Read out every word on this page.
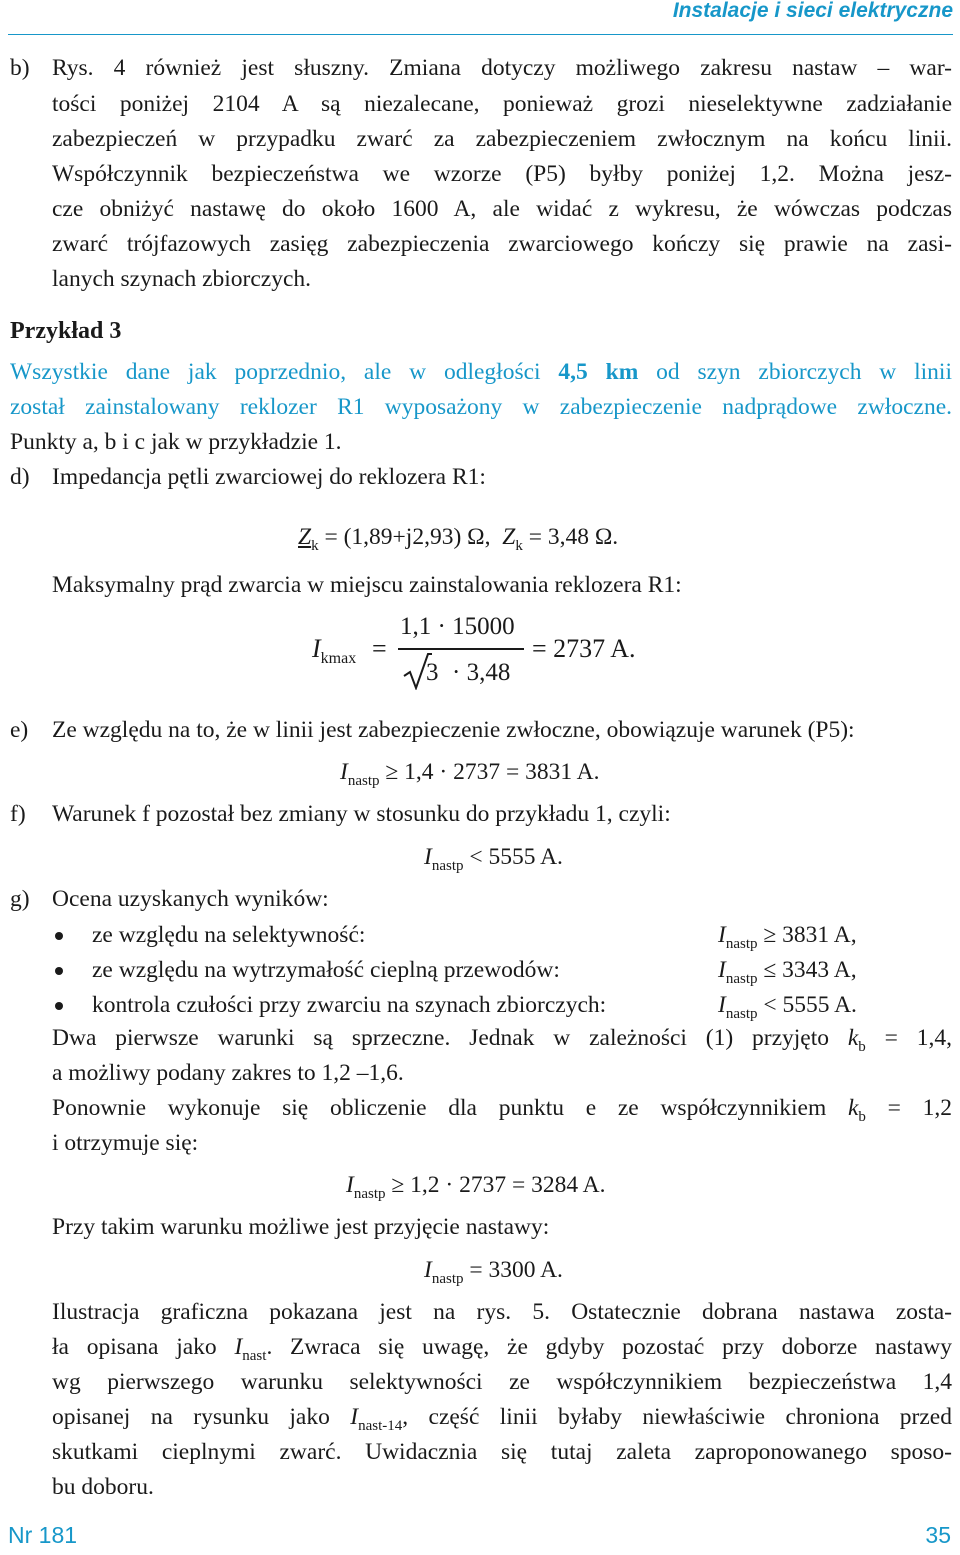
Instalacje i sieci elektryczne
b) Rys. 4 również jest słuszny. Zmiana dotyczy możliwego zakresu nastaw – war-
tości poniżej 2104 A są niezalecane, ponieważ grozi nieselektywne zadziałanie
zabezpieczeń w przypadku zwarć za zabezpieczeniem zwłocznym na końcu linii.
Współczynnik bezpieczeństwa we wzorze (P5) byłby poniżej 1,2. Można jesz-
cze obniżyć nastawę do około 1600 A, ale widać z wykresu, że wówczas podczas
zwarć trójfazowych zasięg zabezpieczenia zwarciowego kończy się prawie na zasi-
lanych szynach zbiorczych.
Przykład 3
Wszystkie dane jak poprzednio, ale w odległości 4,5 km od szyn zbiorczych w linii
został zainstalowany reklozer R1 wyposażony w zabezpieczenie nadprądowe zwłoczne.
Punkty a, b i c jak w przykładzie 1.
d) Impedancja pętli zwarciowej do reklozera R1:
$Z_k = (1,89+j2,93)$ Ω, $Z_k = 3,48$ Ω.
Maksymalny prąd zwarcia w miejscu zainstalowania reklozera R1:
$I_{kmax}$ =
1,1 · 15000
3 · 3,48
= 2737 A.
e) Ze względu na to, że w linii jest zabezpieczenie zwłoczne, obowiązuje warunek (P5):
$I_{nastp} \ge 1,4 \cdot 2737 = 3831$ A.
f) Warunek f pozostał bez zmiany w stosunku do przykładu 1, czyli:
$I_{nastp} < 5555$ A.
g) Ocena uzyskanych wyników:
ze względu na selektywność:	$I_{nastp} \ge 3831$ A,
ze względu na wytrzymałość cieplną przewodów:	$I_{nastp} \le 3343$ A,
kontrola czułości przy zwarciu na szynach zbiorczych:	$I_{nastp} < 5555$ A.
Dwa pierwsze warunki są sprzeczne. Jednak w zależności (1) przyjęto $k_b = 1,4$,
a możliwy podany zakres to 1,2 –1,6.
Ponownie wykonuje się obliczenie dla punktu e ze współczynnikiem $k_b = 1,2$
i otrzymuje się:
$I_{nastp} \ge 1,2 \cdot 2737 = 3284$ A.
Przy takim warunku możliwe jest przyjęcie nastawy:
$I_{nastp} = 3300$ A.
Ilustracja graficzna pokazana jest na rys. 5. Ostatecznie dobrana nastawa zosta-
ła opisana jako $I_{nast}$. Zwraca się uwagę, że gdyby pozostać przy doborze nastawy
wg pierwszego warunku selektywności ze współczynnikiem bezpieczeństwa 1,4
opisanej na rysunku jako $I_{nast-14}$, część linii byłaby niewłaściwie chroniona przed
skutkami cieplnymi zwarć. Uwidacznia się tutaj zaleta zaproponowanego sposo-
bu doboru.
Nr 181	35
